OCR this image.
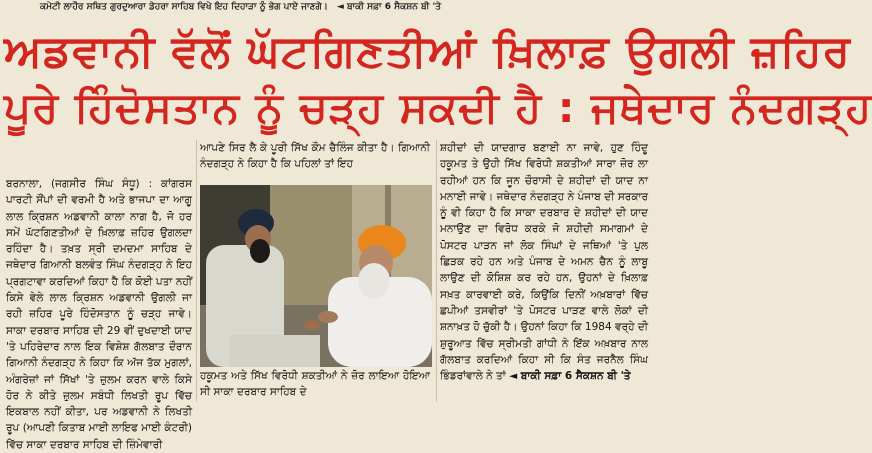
ਕਮੇਟੀ ਲਾਹੌਰ ਸਥਿਤ ਗੁਰਦੁਆਰਾ ਡੇਹਰਾ ਸਾਹਿਬ ਵਿਖੇ ਇਹ ਦਿਹਾੜਾ ਨੂੰ ਭੇਗ ਪਾਏ ਜਾਣਗੇ। ◄ ਬਾਕੀ ਸਫ਼ਾ 6 ਸੈਕਸ਼ਨ ਬੀ 'ਤੇ
ਅਡਵਾਨੀ ਵੱਲੋਂ ਘੱਟਗਿਣਤੀਆਂ ਖ਼ਿਲਾਫ਼ ਉਗਲੀ ਜ਼ਹਿਰ
ਪੂਰੇ ਹਿੰਦੋਸਤਾਨ ਨੂੰ ਚੜ੍ਹ ਸਕਦੀ ਹੈ : ਜਥੇਦਾਰ ਨੰਦਗੜ੍ਹ

ਆਪਣੇ ਸਿਰ ਲੈ ਕੇ ਪੂਰੀ ਸਿੱਖ ਕੌਮ ਚੈਲਿੰਜ ਕੀਤਾ ਹੈ। ਗਿਆਨੀ ਨੰਦਗੜ੍ਹ ਨੇ ਕਿਹਾ ਹੈ ਕਿ ਪਹਿਲਾਂ ਤਾਂ ਇਹ

ਬਰਨਾਲਾ, (ਜਗਸੀਰ ਸਿੰਘ ਸੰਧੂ) : ਕਾਂਗਰਸ ਪਾਰਟੀ ਸੌਂਪਾਂ ਦੀ ਵਰਮੀ ਹੈ ਅਤੇ ਭਾਜਪਾ ਦਾ ਆਗੂ ਲਾਲ ਕ੍ਰਿਸ਼ਨ ਅਡਵਾਨੀ ਕਾਲਾ ਨਾਗ ਹੈ, ਜੋ ਹਰ ਸਮੇਂ ਘੱਟਗਿਣਤੀਆਂ ਦੇ ਖ਼ਿਲਾਫ਼ ਜ਼ਹਿਰ ਉਗਲਦਾ ਰਹਿੰਦਾ ਹੈ। ਤਖ਼ਤ ਸ੍ਰੀ ਦਮਦਮਾ ਸਾਹਿਬ ਦੇ ਜਥੇਦਾਰ ਗਿਆਨੀ ਬਲਵੰਤ ਸਿੰਘ ਨੰਦਗੜ੍ਹ ਨੇ ਇਹ ਪ੍ਰਗਟਾਵਾ ਕਰਦਿਆਂ ਕਿਹਾ ਹੈ ਕਿ ਕੋਈ ਪਤਾ ਨਹੀਂ ਕਿਸੇ ਵੇਲੇ ਲਾਲ ਕ੍ਰਿਸ਼ਨ ਅਡਵਾਨੀ ਉਗਲੀ ਜਾ ਰਹੀ ਜ਼ਹਿਰ ਪੂਰੇ ਹਿੰਦੋਸਤਾਨ ਨੂੰ ਚੜ੍ਹ ਜਾਵੇ। ਸਾਕਾ ਦਰਬਾਰ ਸਾਹਿਬ ਦੀ 29 ਵੀਂ ਦੁਖਦਾਈ ਯਾਦ 'ਤੇ ਪਹਿਰੇਦਾਰ ਨਾਲ ਇਕ ਵਿਸ਼ੇਸ਼ ਗੱਲਬਾਤ ਦੌਰਾਨ ਗਿਆਨੀ ਨੰਦਗੜ੍ਹ ਨੇ ਕਿਹਾ ਕਿ ਅੱਜ ਤੱਕ ਮੁਗਲਾਂ, ਅੰਗਰੇਜ਼ਾਂ ਜਾਂ ਸਿੱਖਾਂ 'ਤੇ ਜ਼ੁਲਮ ਕਰਨ ਵਾਲੇ ਕਿਸੇ ਹੋਰ ਨੇ ਕੀਤੇ ਜ਼ੁਲਮ ਸਬੰਧੀ ਲਿਖਤੀ ਰੂਪ ਵਿੱਚ ਇਕਬਾਲ ਨਹੀਂ ਕੀਤਾ, ਪਰ ਅਡਵਾਨੀ ਨੇ ਲਿਖਤੀ ਰੂਪ (ਆਪਣੀ ਕਿਤਾਬ ਮਾਈ ਲਾਇਫ ਮਾਈ ਕੰਟਰੀ) ਵਿੱਚ ਸਾਕਾ ਦਰਬਾਰ ਸਾਹਿਬ ਦੀ ਜ਼ਿੰਮੇਵਾਰੀ

ਹਕੂਮਤ ਅਤੇ ਸਿੱਖ ਵਿਰੋਧੀ ਸ਼ਕਤੀਆਂ ਨੇ ਜ਼ੋਰ ਲਾਇਆ ਹੋਇਆ ਸੀ ਸਾਕਾ ਦਰਬਾਰ ਸਾਹਿਬ ਦੇ

ਸ਼ਹੀਦਾਂ ਦੀ ਯਾਦਗਾਰ ਬਣਾਈ ਨਾ ਜਾਵੇ, ਹੁਣ ਹਿੰਦੂ ਹਕੂਮਤ ਤੇ ਉਹੀ ਸਿੱਖ ਵਿਰੋਧੀ ਸ਼ਕਤੀਆਂ ਸਾਰਾ ਜ਼ੋਰ ਲਾ ਰਹੀਆਂ ਹਨ ਕਿ ਜੂਨ ਚੌਰਾਸੀ ਦੇ ਸ਼ਹੀਦਾਂ ਦੀ ਯਾਦ ਨਾ ਮਨਾਈ ਜਾਵੇ। ਜਥੇਦਾਰ ਨੰਦਗੜ੍ਹ ਨੇ ਪੰਜਾਬ ਦੀ ਸਰਕਾਰ ਨੂੰ ਵੀ ਕਿਹਾ ਹੈ ਕਿ ਸਾਕਾ ਦਰਬਾਰ ਦੇ ਸ਼ਹੀਦਾਂ ਦੀ ਯਾਦ ਮਨਾਉਣ ਦਾ ਵਿਰੋਧ ਕਰਕੇ ਜੋ ਸ਼ਹੀਦੀ ਸਮਾਗਮਾਂ ਦੇ ਪੋਸਟਰ ਪਾੜਨ ਜਾਂ ਲੋਕ ਸਿੰਘਾਂ ਦੇ ਜਥਿਆਂ 'ਤੇ ਪੁਲ ਛਿੜਕ ਰਹੇ ਹਨ ਅਤੇ ਪੰਜਾਬ ਦੇ ਅਮਨ ਚੈਨ ਨੂੰ ਲਾਬੂ ਲਾਉਣ ਦੀ ਕੋਸ਼ਿਸ਼ ਕਰ ਰਹੇ ਹਨ, ਉਹਨਾਂ ਦੇ ਖ਼ਿਲਾਫ਼ ਸਖ਼ਤ ਕਾਰਵਾਈ ਕਰੇ, ਕਿਉਂਕਿ ਦਿਨੀਂ ਅਖ਼ਬਾਰਾਂ ਵਿੱਚ ਛਪੀਆਂ ਤਸਵੀਰਾਂ 'ਤੇ ਪੋਸਟਰ ਪਾੜਣ ਵਾਲੇ ਲੋਕਾਂ ਦੀ ਸ਼ਨਾਖ਼ਤ ਹੋ ਚੁੱਕੀ ਹੈ। ਉਹਨਾਂ ਕਿਹਾ ਕਿ 1984 ਵਰ੍ਹੇ ਦੀ ਸ਼ੁਰੂਆਤ ਵਿੱਚ ਸ੍ਰੀਮਤੀ ਗਾਂਧੀ ਨੇ ਇੱਕ ਅਖ਼ਬਾਰ ਨਾਲ ਗੱਲਬਾਤ ਕਰਦਿਆਂ ਕਿਹਾ ਸੀ ਕਿ ਸੰਤ ਜਰਨੈਲ ਸਿੰਘ ਭਿੰਡਰਾਂਵਾਲੇ ਨੇ ਤਾਂ ◄ ਬਾਕੀ ਸਫ਼ਾ 6 ਸੈਕਸ਼ਨ ਬੀ 'ਤੇ
